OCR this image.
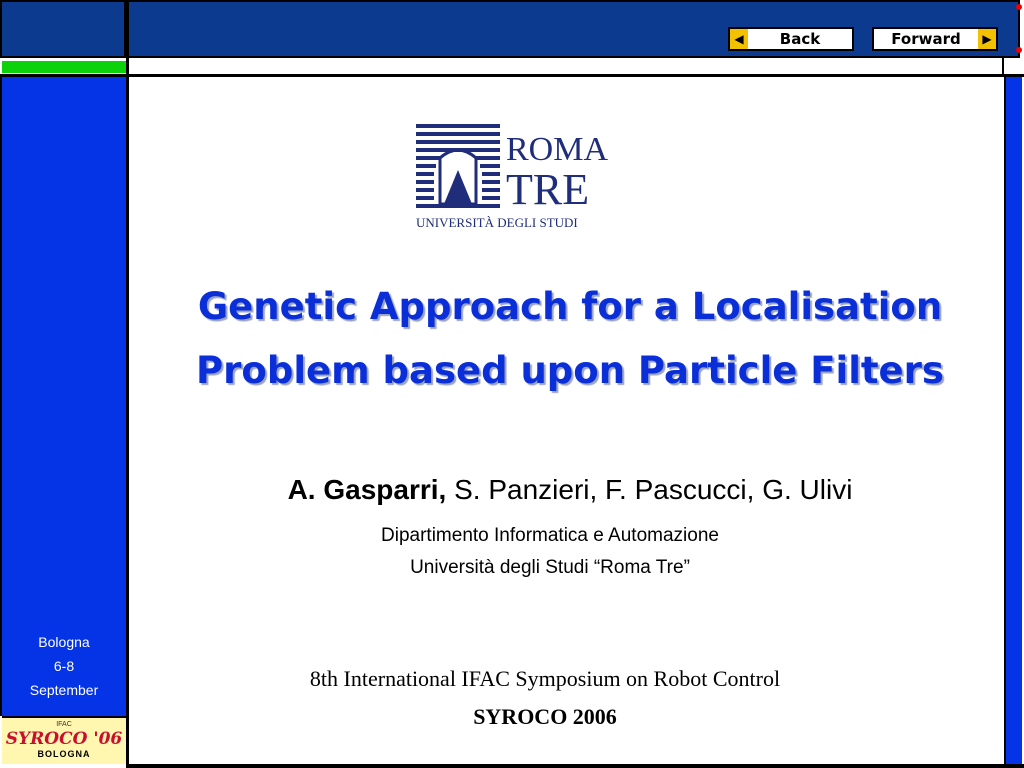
◀	Back	Forward	▶
Bologna
6-8
September
IFAC
SYROCO '06
BOLOGNA
ROMA
TRE
UNIVERSITÀ DEGLI STUDI
Genetic Approach for a Localisation
Problem based upon Particle Filters
A. Gasparri, S. Panzieri, F. Pascucci, G. Ulivi
Dipartimento Informatica e Automazione
Università degli Studi “Roma Tre”
8th International IFAC Symposium on Robot Control
SYROCO 2006
